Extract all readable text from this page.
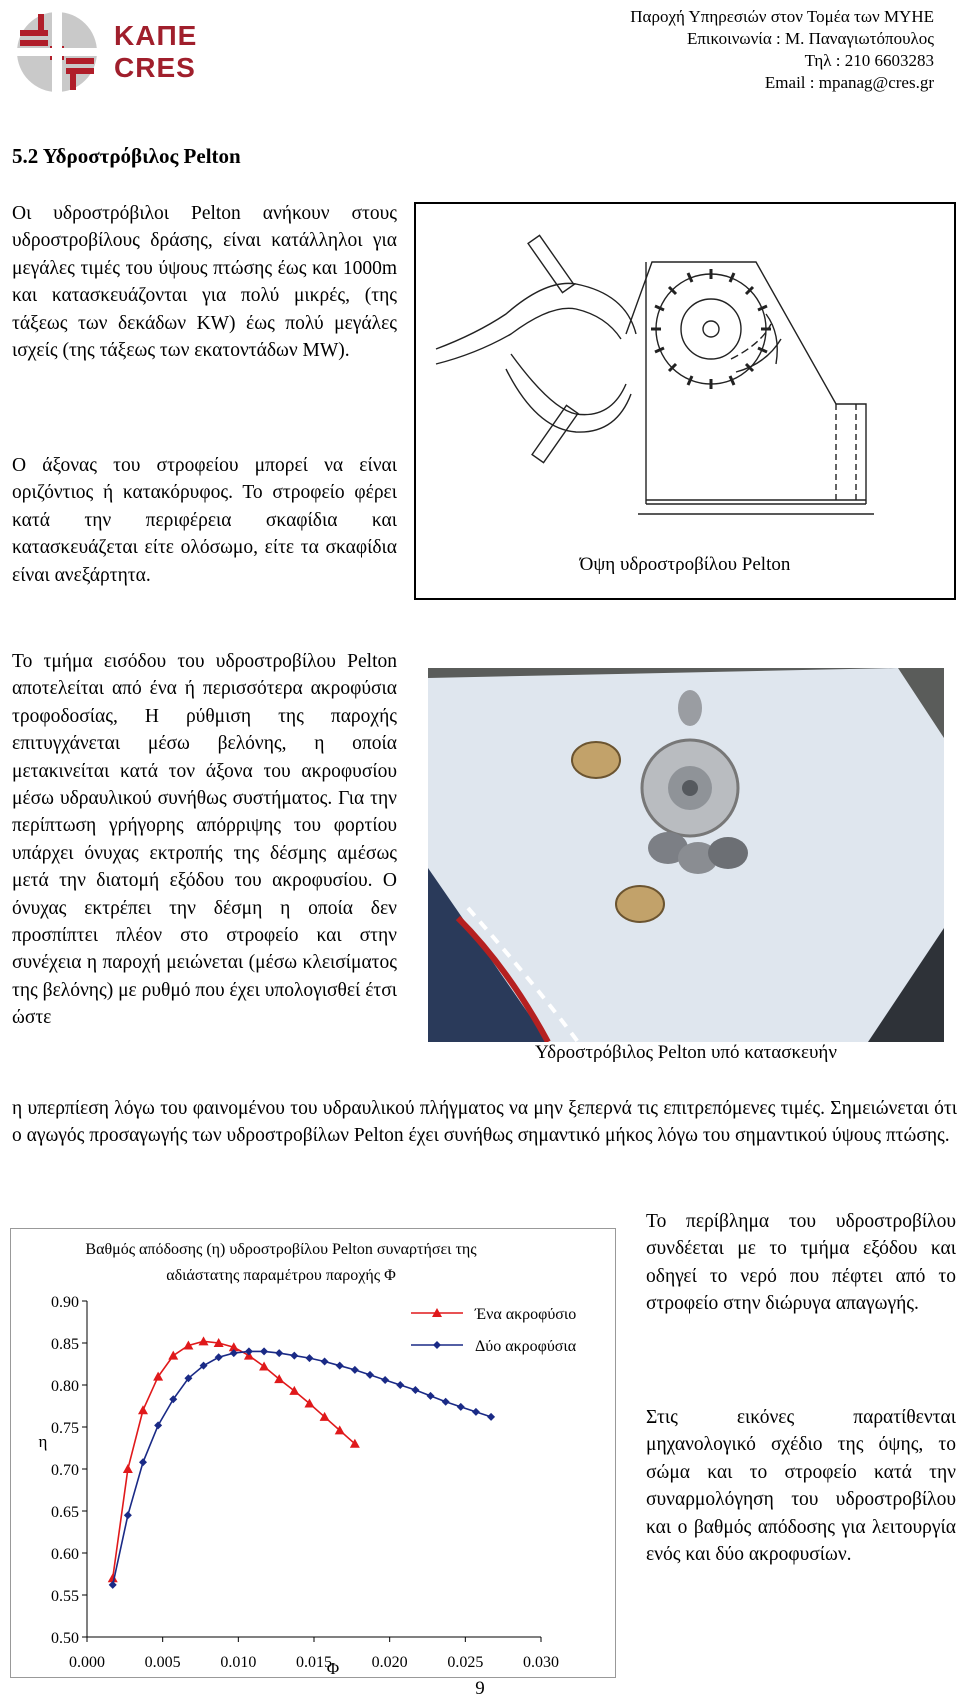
ΚΑΠΕ
CRES
Παροχή Υπηρεσιών στον Τομέα των ΜΥΗΕ
Επικοινωνία : Μ. Παναγιωτόπουλος
Τηλ : 210 6603283
Email : mpanag@cres.gr
5.2 Υδροστρόβιλος Pelton
Οι υδροστρόβιλοι Pelton ανήκουν στους υδροστροβίλους δράσης, είναι κατάλληλοι για μεγάλες τιμές του ύψους πτώσης έως και 1000m και κατασκευάζονται για πολύ μικρές, (της τάξεως των δεκάδων KW) έως πολύ μεγάλες ισχείς (της τάξεως των εκατοντάδων MW).
Ο άξονας του στροφείου μπορεί να είναι οριζόντιος ή κατακόρυφος. Το στροφείο φέρει κατά την περιφέρεια σκαφίδια και κατασκευάζεται είτε ολόσωμο, είτε τα σκαφίδια είναι ανεξάρτητα.
Το τμήμα εισόδου του υδροστροβίλου Pelton αποτελείται από ένα ή περισσότερα ακροφύσια τροφοδοσίας, Η ρύθμιση της παροχής επιτυγχάνεται μέσω βελόνης, η οποία μετακινείται κατά τον άξονα του ακροφυσίου μέσω υδραυλικού συνήθως συστήματος. Για την περίπτωση γρήγορης απόρριψης του φορτίου υπάρχει όνυχας εκτροπής της δέσμης αμέσως μετά την διατομή εξόδου του ακροφυσίου. Ο όνυχας εκτρέπει την δέσμη η οποία δεν προσπίπτει πλέον στο στροφείο και στην συνέχεια η παροχή μειώνεται (μέσω κλεισίματος της βελόνης) με ρυθμό που έχει υπολογισθεί έτσι ώστε
η υπερπίεση λόγω του φαινομένου του υδραυλικού πλήγματος να μην ξεπερνά τις επιτρεπόμενες τιμές. Σημειώνεται ότι ο αγωγός προσαγωγής των υδροστροβίλων Pelton έχει συνήθως σημαντικό μήκος λόγω του σημαντικού ύψους πτώσης.
Όψη υδροστροβίλου Pelton
Υδροστρόβιλος Pelton υπό κατασκευήν
Βαθμός απόδοσης (η) υδροστροβίλου Pelton συναρτήσει της
αδιάστατης παραμέτρου παροχής Φ
0.50
0.55
0.60
0.65
0.70
0.75
0.80
0.85
0.90
0.000 0.005 0.010 0.015 0.020 0.025 0.030
η
Φ
Ένα ακροφύσιο
Δύο ακροφύσια
Το περίβλημα του υδροστροβίλου συνδέεται με το τμήμα εξόδου και οδηγεί το νερό που πέφτει από το στροφείο στην διώρυγα απαγωγής.
Στις εικόνες παρατίθενται μηχανολογικό σχέδιο της όψης, το σώμα και το στροφείο κατά την συναρμολόγηση του υδροστροβίλου και ο βαθμός απόδοσης για λειτουργία ενός και δύο ακροφυσίων.
9
